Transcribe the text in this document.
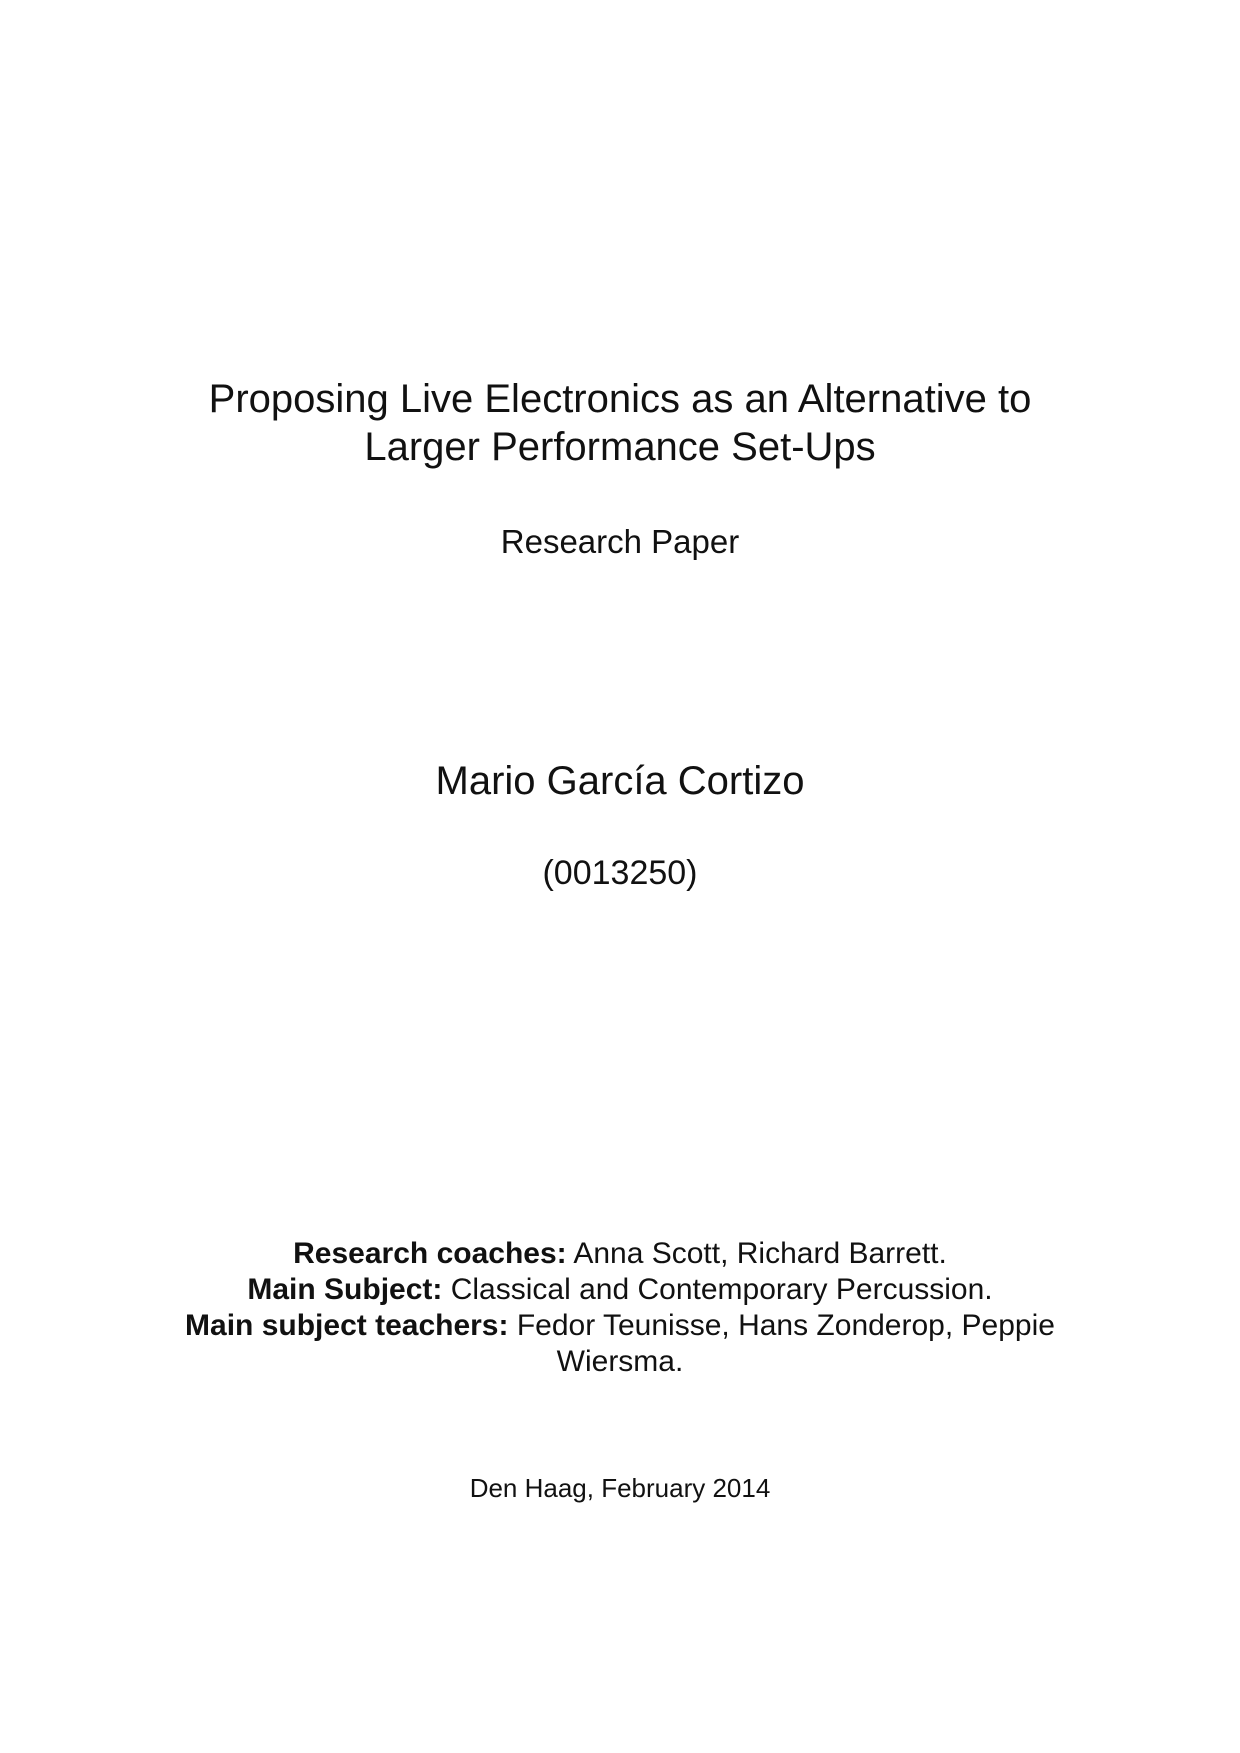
Proposing Live Electronics as an Alternative to
Larger Performance Set-Ups
Research Paper
Mario García Cortizo
(0013250)
Research coaches: Anna Scott, Richard Barrett.
Main Subject: Classical and Contemporary Percussion.
Main subject teachers: Fedor Teunisse, Hans Zonderop, Peppie
Wiersma.
Den Haag, February 2014
